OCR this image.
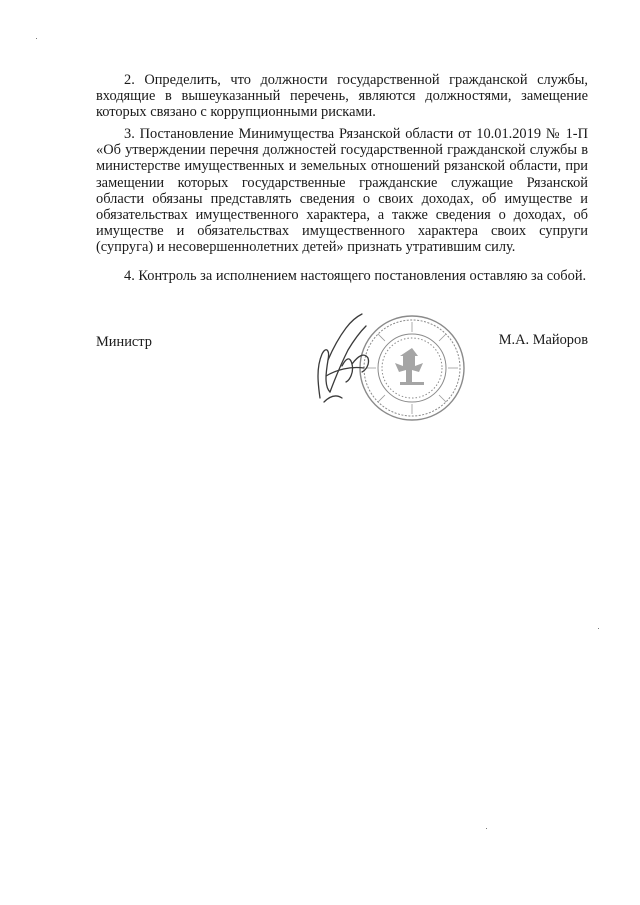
2. Определить, что должности государственной гражданской службы, входящие в вышеуказанный перечень, являются должностями, замещение которых связано с коррупционными рисками.

3. Постановление Минимущества Рязанской области от 10.01.2019 № 1-П «Об утверждении перечня должностей государственной гражданской службы в министерстве имущественных и земельных отношений рязанской области, при замещении которых государственные гражданские служащие Рязанской области обязаны представлять сведения о своих доходах, об имуществе и обязательствах имущественного характера, а также сведения о доходах, об имуществе и обязательствах имущественного характера своих супруги (супруга) и несовершеннолетних детей» признать утратившим силу.

4. Контроль за исполнением настоящего постановления оставляю за собой.

Министр	М.А. Майоров
